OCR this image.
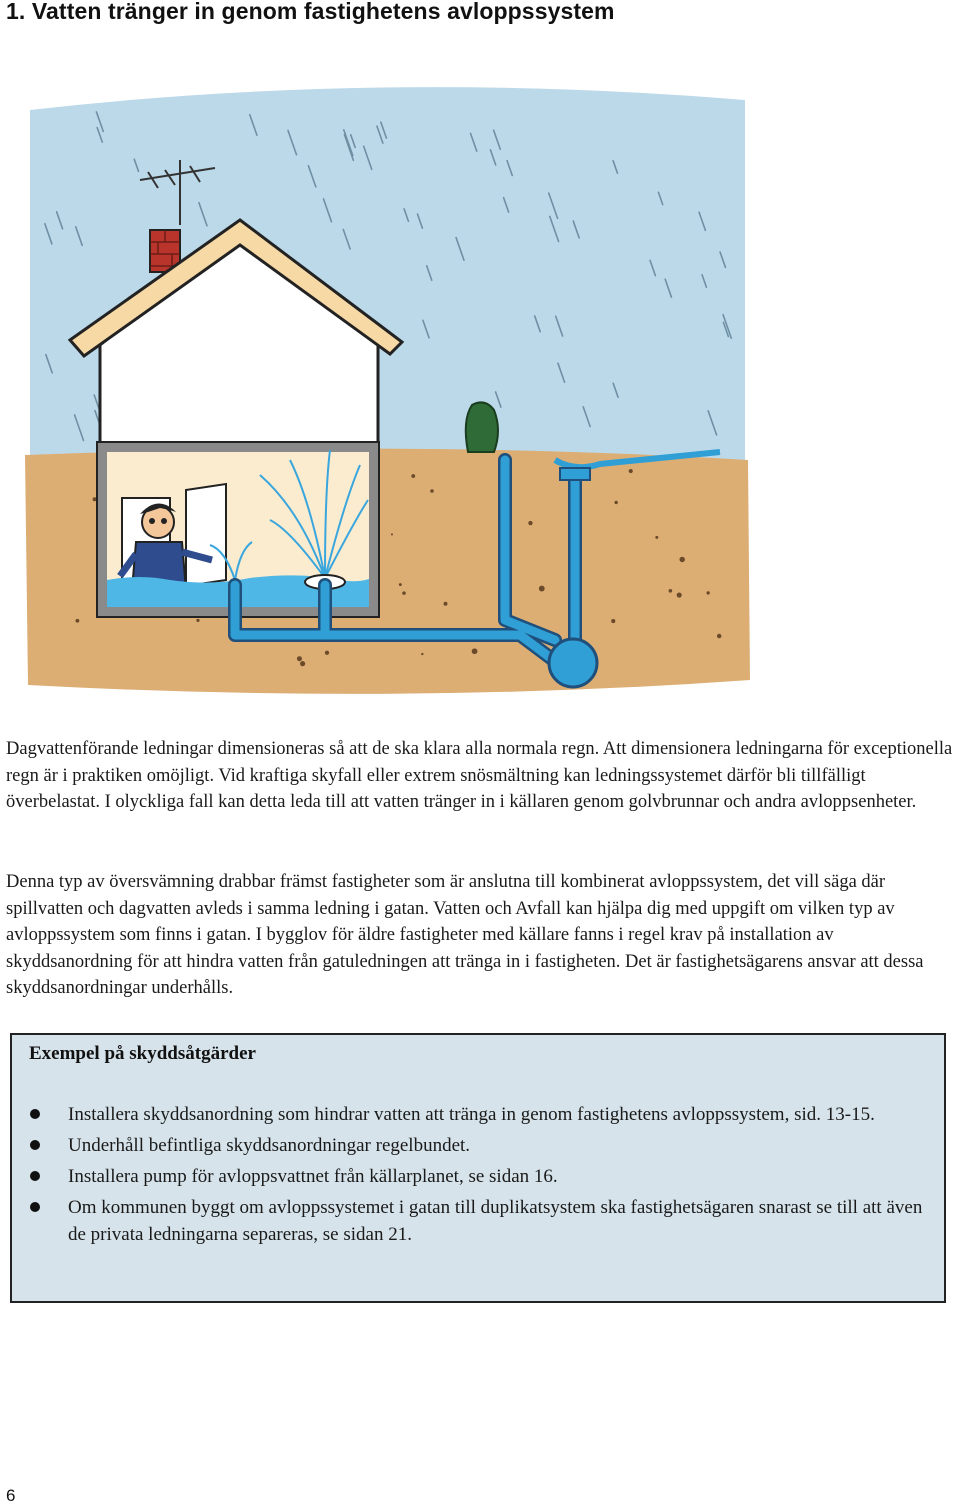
1. Vatten tränger in genom fastighetens avloppssystem

Dagvattenförande ledningar dimensioneras så att de ska klara alla normala regn. Att dimensionera ledningarna för exceptionella regn är i praktiken omöjligt. Vid kraftiga skyfall eller extrem snösmältning kan ledningssystemet därför bli tillfälligt överbelastat. I olyckliga fall kan detta leda till att vatten tränger in i källaren genom golvbrunnar och andra avloppsenheter.

Denna typ av översvämning drabbar främst fastigheter som är anslutna till kombinerat avloppssystem, det vill säga där spillvatten och dagvatten avleds i samma ledning i gatan. Vatten och Avfall kan hjälpa dig med uppgift om vilken typ av avloppssystem som finns i gatan. I bygglov för äldre fastigheter med källare fanns i regel krav på installation av skyddsanordning för att hindra vatten från gatuledningen att tränga in i fastigheten. Det är fastighetsägarens ansvar att dessa skyddsanordningar underhålls.

Exempel på skyddsåtgärder

Installera skyddsanordning som hindrar vatten att tränga in genom fastighetens avloppssystem, sid. 13-15.
Underhåll befintliga skyddsanordningar regelbundet.
Installera pump för avloppsvattnet från källarplanet, se sidan 16.
Om kommunen byggt om avloppssystemet i gatan till duplikatsystem ska fastighetsägaren snarast se till att även de privata ledningarna separeras, se sidan 21.

6
